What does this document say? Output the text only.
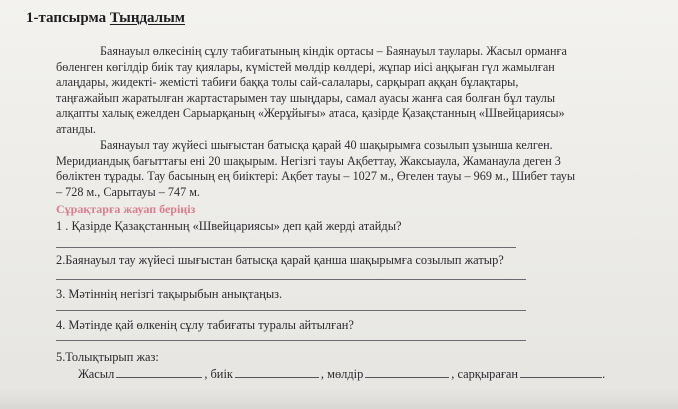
1-тапсырма Тыңдалым
Баянауыл өлкесінің сұлу табиғатының кіндік ортасы – Баянауыл таулары. Жасыл орманға
бөленген көгілдір биік тау қиялары, күмістей мөлдір көлдері, жұпар иісі аңқыған гүл жамылған
алаңдары, жидекті- жемісті табиғи баққа толы сай-салалары, сарқырап аққан бұлақтары,
таңғажайып жаратылған жартастарымен тау шыңдары, самал ауасы жанға сая болған бұл таулы
алқапты халық ежелден Сарыарқаның «Жерұйығы» атаса, қазірде Қазақстанның «Швейцариясы»
атанды.
Баянауыл тау жүйесі шығыстан батысқа қарай 40 шақырымға созылып ұзынша келген.
Меридиандық бағыттағы ені 20 шақырым. Негізгі тауы Ақбеттау, Жаксыаула, Жаманаула деген 3
бөліктен тұрады. Тау басының ең биіктері: Ақбет тауы – 1027 м., Өгелен тауы – 969 м., Шибет тауы
– 728 м., Сарытауы – 747 м.
Сұрақтарға жауап беріңіз
1 . Қазірде Қазақстанның «Швейцариясы» деп қай жерді атайды?
2.Баянауыл тау жүйесі шығыстан батысқа қарай қанша шақырымға созылып жатыр?
3. Мәтіннің негізгі тақырыбын анықтаңыз.
4. Мәтінде қай өлкенің сұлу табиғаты туралы айтылған?
5.Толықтырып жаз:
Жасыл	, биік	, мөлдір	, сарқыраған	.
